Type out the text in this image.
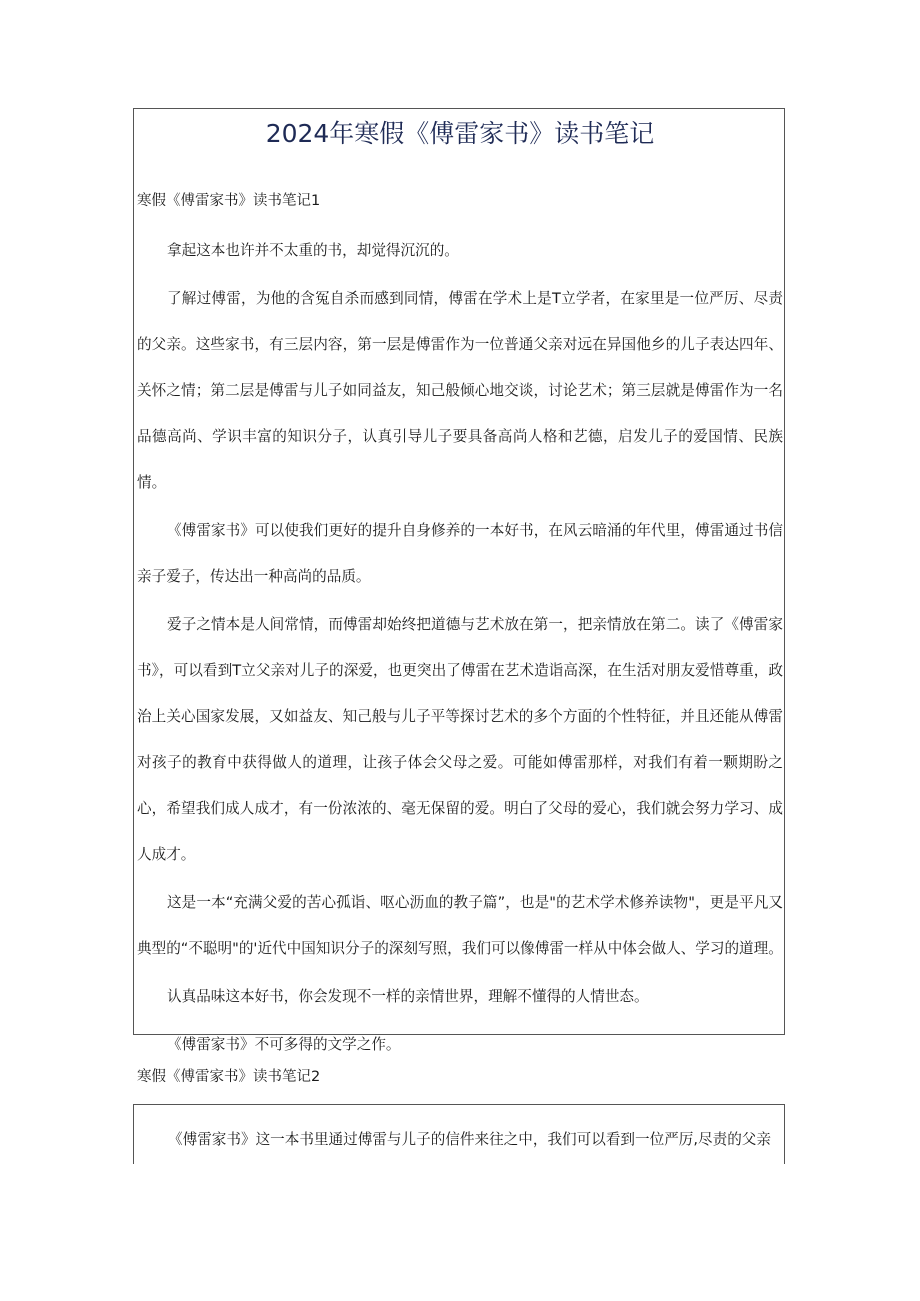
2024年寒假《傅雷家书》读书笔记

寒假《傅雷家书》读书笔记1

拿起这本也许并不太重的书，却觉得沉沉的。

了解过傅雷，为他的含冤自杀而感到同情，傅雷在学术上是T立学者，在家里是一位严厉、尽责的父亲。这些家书，有三层内容，第一层是傅雷作为一位普通父亲对远在异国他乡的儿子表达四年、关怀之情；第二层是傅雷与儿子如同益友，知己般倾心地交谈，讨论艺术；第三层就是傅雷作为一名品德高尚、学识丰富的知识分子，认真引导儿子要具备高尚人格和艺德，启发儿子的爱国情、民族情。

《傅雷家书》可以使我们更好的提升自身修养的一本好书，在风云暗涌的年代里，傅雷通过书信亲子爱子，传达出一种高尚的品质。

爱子之情本是人间常情，而傅雷却始终把道德与艺术放在第一，把亲情放在第二。读了《傅雷家书》，可以看到T立父亲对儿子的深爱，也更突出了傅雷在艺术造诣高深，在生活对朋友爱惜尊重，政治上关心国家发展，又如益友、知己般与儿子平等探讨艺术的多个方面的个性特征，并且还能从傅雷对孩子的教育中获得做人的道理，让孩子体会父母之爱。可能如傅雷那样，对我们有着一颗期盼之心，希望我们成人成才，有一份浓浓的、毫无保留的爱。明白了父母的爱心，我们就会努力学习、成人成才。

这是一本“充满父爱的苦心孤诣、呕心沥血的教子篇”，也是"的艺术学术修养读物"，更是平凡又典型的“不聪明"的'近代中国知识分子的深刻写照，我们可以像傅雷一样从中体会做人、学习的道理。

认真品味这本好书，你会发现不一样的亲情世界，理解不懂得的人情世态。

《傅雷家书》不可多得的文学之作。

寒假《傅雷家书》读书笔记2

《傅雷家书》这一本书里通过傅雷与儿子的信件来往之中，我们可以看到一位严厉,尽责的父亲
